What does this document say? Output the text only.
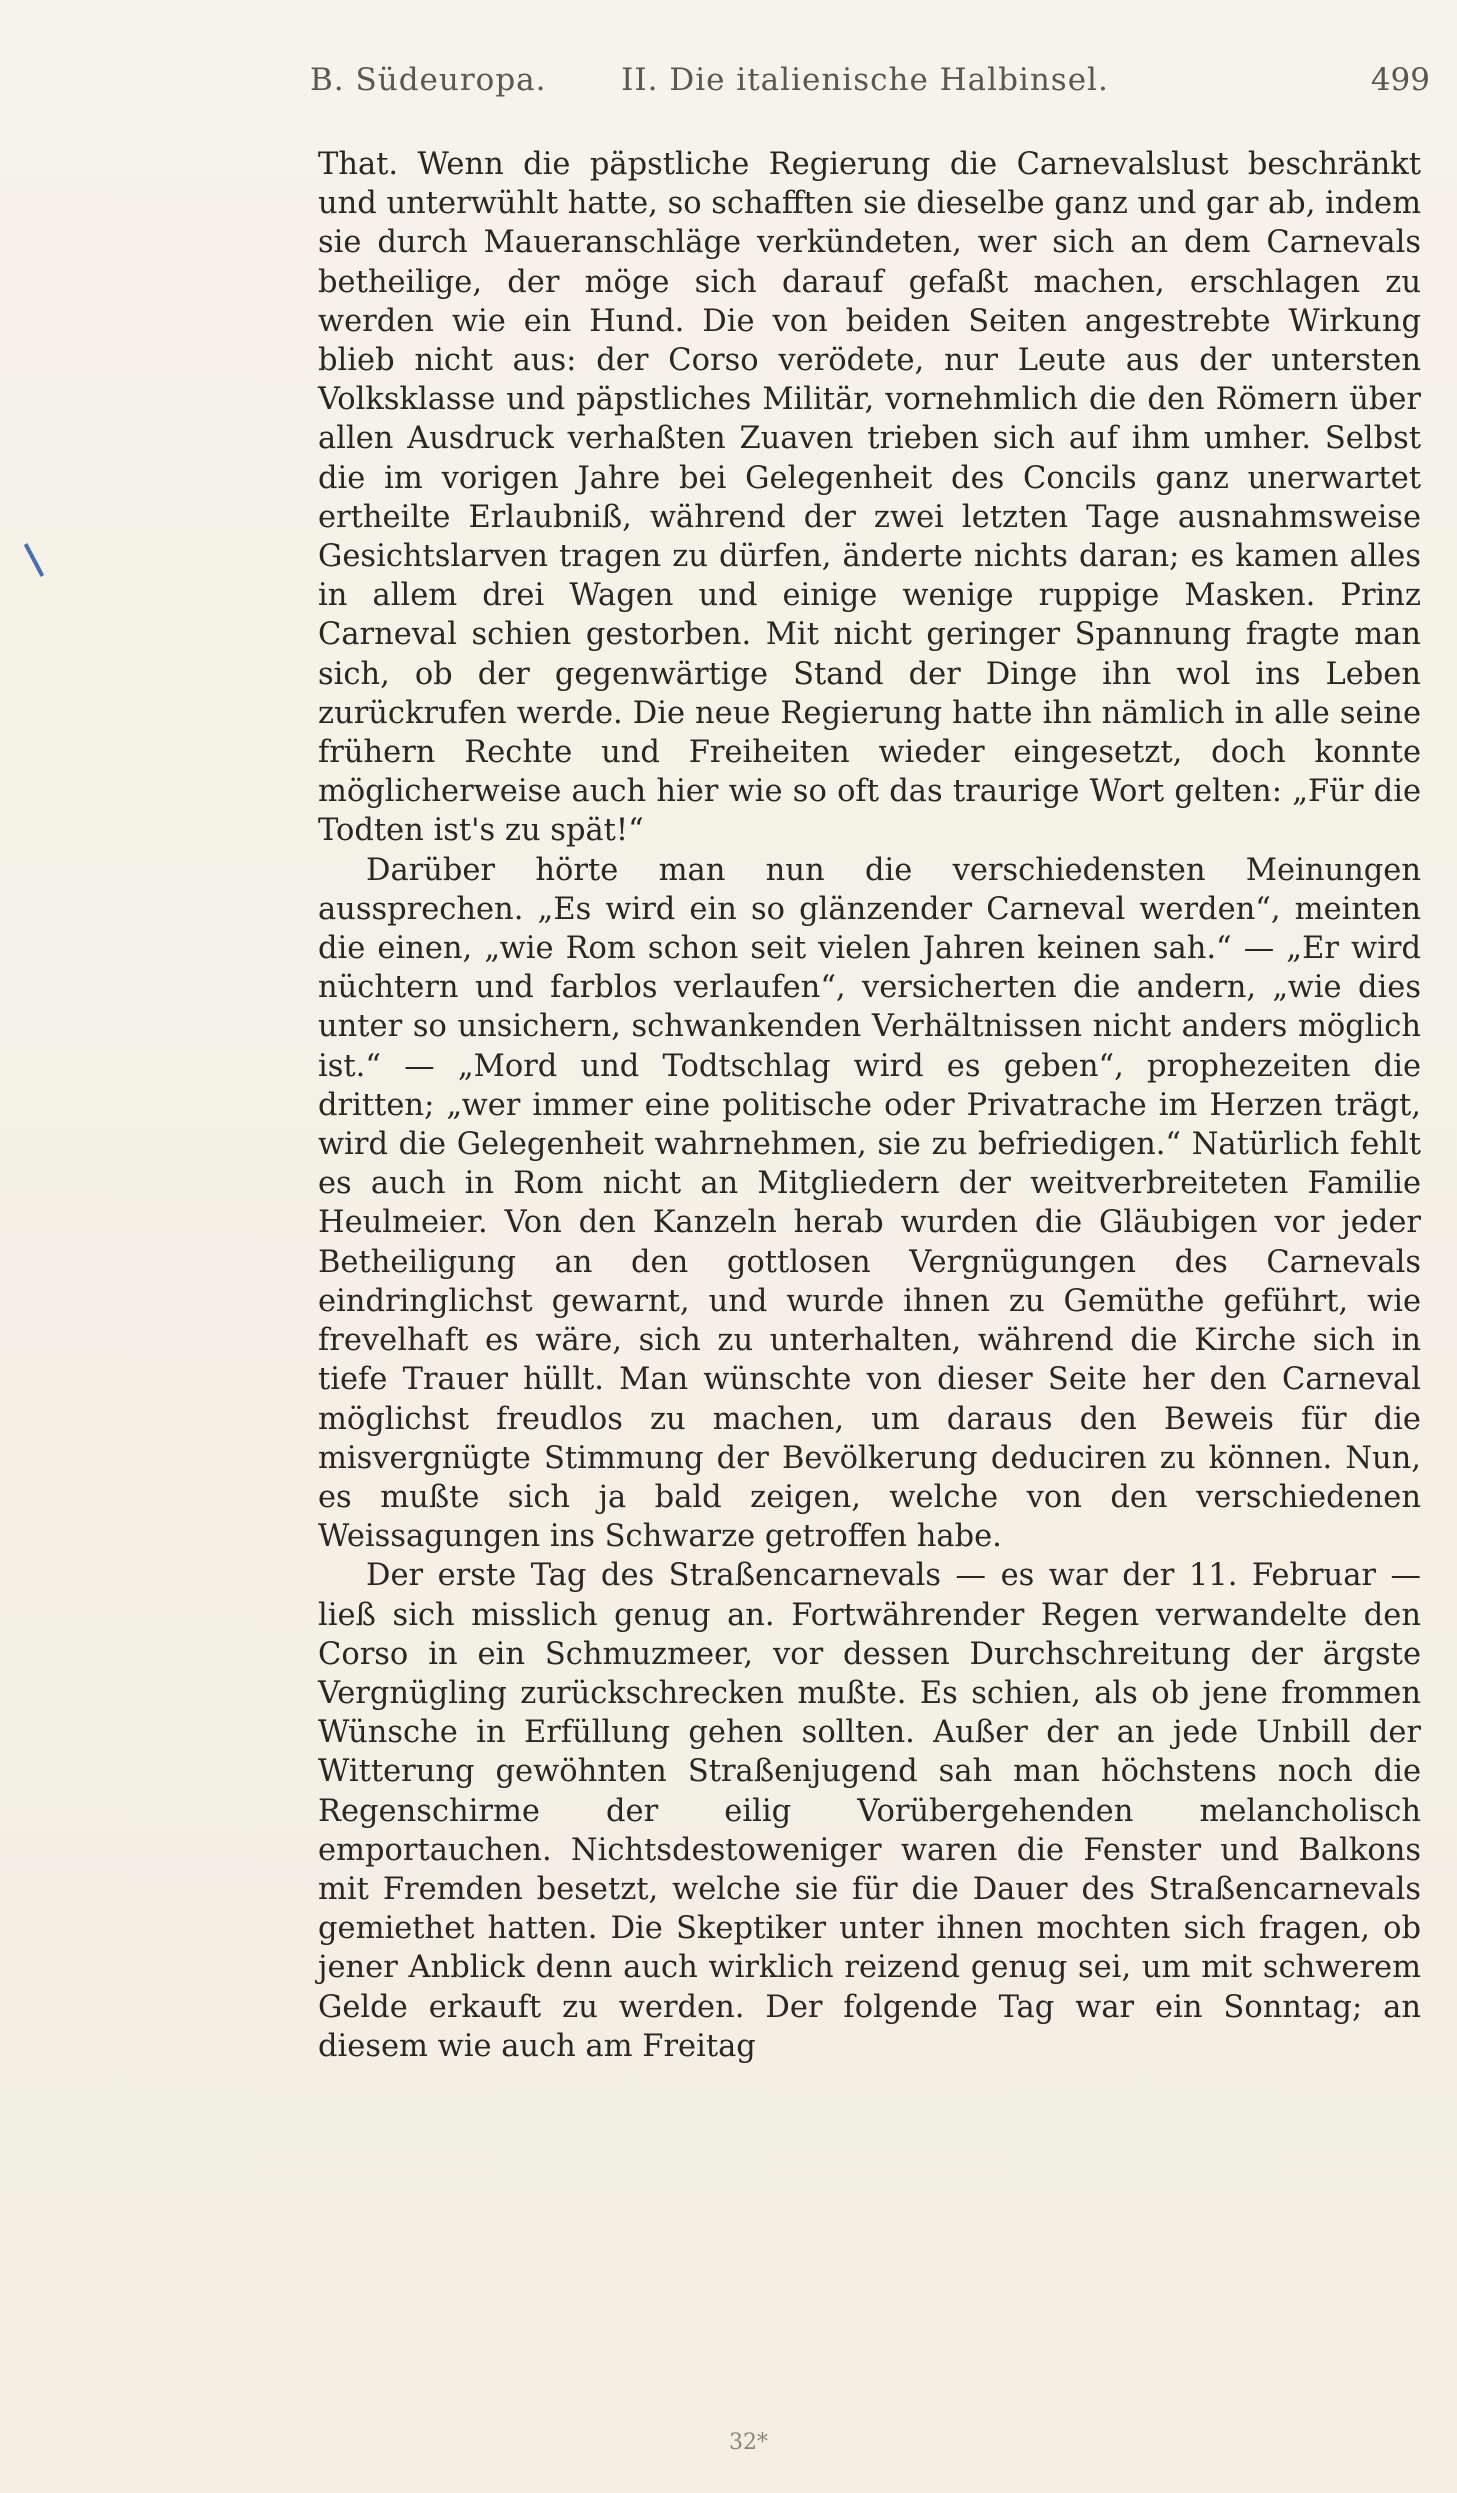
B. Südeuropa.	II. Die italienische Halbinsel.	499

That. Wenn die päpstliche Regierung die Carnevalslust beschränkt und unterwühlt hatte, so schafften sie dieselbe ganz und gar ab, indem sie durch Maueranschläge verkündeten, wer sich an dem Carnevals betheilige, der möge sich darauf gefaßt machen, erschlagen zu werden wie ein Hund. Die von beiden Seiten angestrebte Wirkung blieb nicht aus: der Corso verödete, nur Leute aus der untersten Volksklasse und päpstliches Militär, vornehmlich die den Römern über allen Ausdruck verhaßten Zuaven trieben sich auf ihm umher. Selbst die im vorigen Jahre bei Gelegenheit des Concils ganz unerwartet ertheilte Erlaubniß, während der zwei letzten Tage ausnahmsweise Gesichtslarven tragen zu dürfen, änderte nichts daran; es kamen alles in allem drei Wagen und einige wenige ruppige Masken. Prinz Carneval schien gestorben. Mit nicht geringer Spannung fragte man sich, ob der gegenwärtige Stand der Dinge ihn wol ins Leben zurückrufen werde. Die neue Regierung hatte ihn nämlich in alle seine frühern Rechte und Freiheiten wieder eingesetzt, doch konnte möglicherweise auch hier wie so oft das traurige Wort gelten: „Für die Todten ist's zu spät!“

Darüber hörte man nun die verschiedensten Meinungen aussprechen. „Es wird ein so glänzender Carneval werden“, meinten die einen, „wie Rom schon seit vielen Jahren keinen sah.“ — „Er wird nüchtern und farblos verlaufen“, versicherten die andern, „wie dies unter so unsichern, schwankenden Verhältnissen nicht anders möglich ist.“ — „Mord und Todtschlag wird es geben“, prophezeiten die dritten; „wer immer eine politische oder Privatrache im Herzen trägt, wird die Gelegenheit wahrnehmen, sie zu befriedigen.“ Natürlich fehlt es auch in Rom nicht an Mitgliedern der weitverbreiteten Familie Heulmeier. Von den Kanzeln herab wurden die Gläubigen vor jeder Betheiligung an den gottlosen Vergnügungen des Carnevals eindringlichst gewarnt, und wurde ihnen zu Gemüthe geführt, wie frevelhaft es wäre, sich zu unterhalten, während die Kirche sich in tiefe Trauer hüllt. Man wünschte von dieser Seite her den Carneval möglichst freudlos zu machen, um daraus den Beweis für die misvergnügte Stimmung der Bevölkerung deduciren zu können. Nun, es mußte sich ja bald zeigen, welche von den verschiedenen Weissagungen ins Schwarze getroffen habe.

Der erste Tag des Straßencarnevals — es war der 11. Februar — ließ sich misslich genug an. Fortwährender Regen verwandelte den Corso in ein Schmuzmeer, vor dessen Durchschreitung der ärgste Vergnügling zurückschrecken mußte. Es schien, als ob jene frommen Wünsche in Erfüllung gehen sollten. Außer der an jede Unbill der Witterung gewöhnten Straßenjugend sah man höchstens noch die Regenschirme der eilig Vorübergehenden melancholisch emportauchen. Nichtsdestoweniger waren die Fenster und Balkons mit Fremden besetzt, welche sie für die Dauer des Straßencarnevals gemiethet hatten. Die Skeptiker unter ihnen mochten sich fragen, ob jener Anblick denn auch wirklich reizend genug sei, um mit schwerem Gelde erkauft zu werden. Der folgende Tag war ein Sonntag; an diesem wie auch am Freitag

32*
